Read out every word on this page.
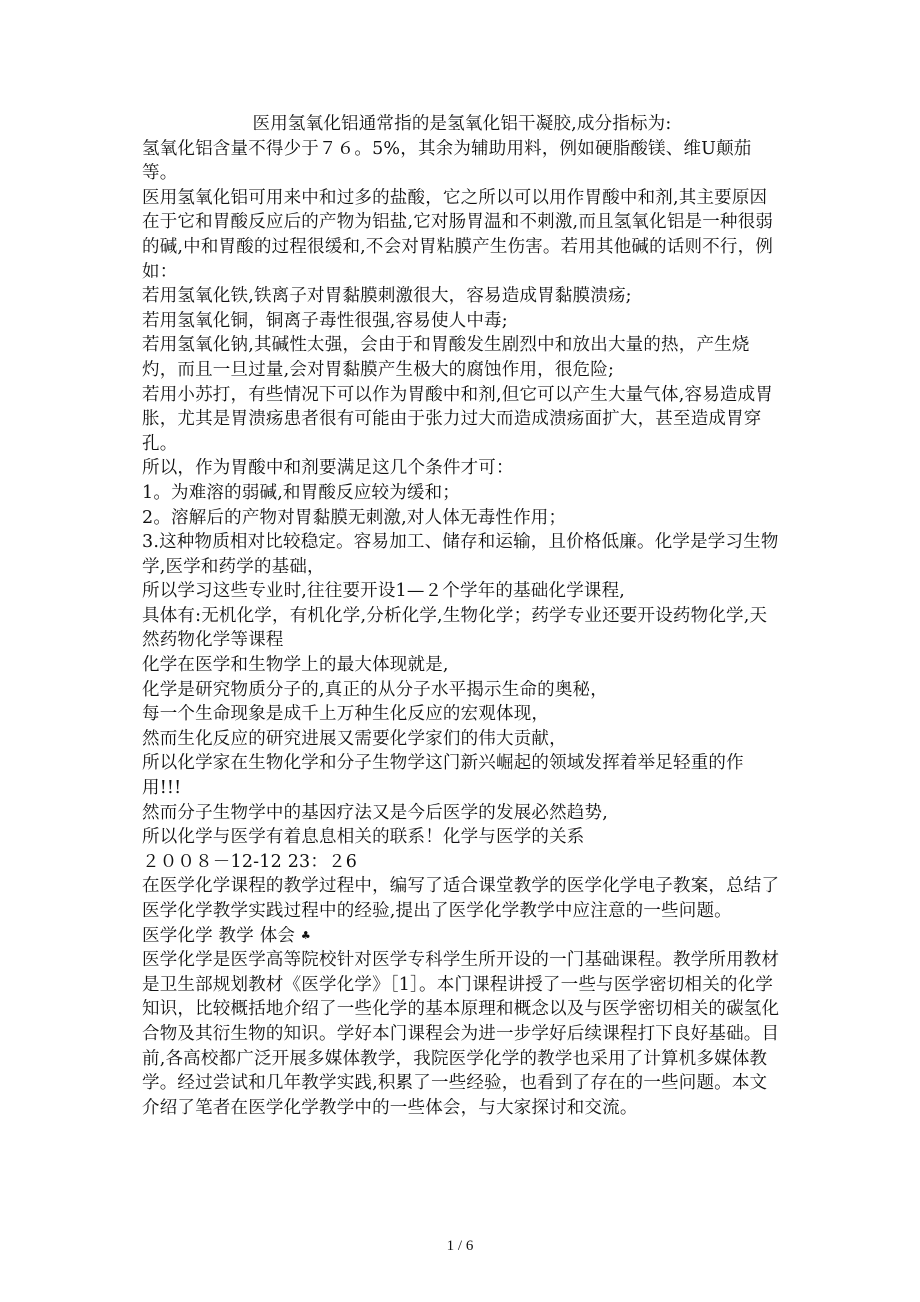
医用氢氧化铝通常指的是氢氧化铝干凝胶,成分指标为:

氢氧化铝含量不得少于７６。5%，其余为辅助用料，例如硬脂酸镁、维U颠茄等。

医用氢氧化铝可用来中和过多的盐酸，它之所以可以用作胃酸中和剂,其主要原因在于它和胃酸反应后的产物为铝盐,它对肠胃温和不刺激,而且氢氧化铝是一种很弱的碱,中和胃酸的过程很缓和,不会对胃粘膜产生伤害。若用其他碱的话则不行，例如：

若用氢氧化铁,铁离子对胃黏膜刺激很大，容易造成胃黏膜溃疡;

若用氢氧化铜，铜离子毒性很强,容易使人中毒;

若用氢氧化钠,其碱性太强，会由于和胃酸发生剧烈中和放出大量的热，产生烧灼，而且一旦过量,会对胃黏膜产生极大的腐蚀作用，很危险;

若用小苏打，有些情况下可以作为胃酸中和剂,但它可以产生大量气体,容易造成胃胀，尤其是胃溃疡患者很有可能由于张力过大而造成溃疡面扩大，甚至造成胃穿孔。

所以，作为胃酸中和剂要满足这几个条件才可：

1。为难溶的弱碱,和胃酸反应较为缓和；

2。溶解后的产物对胃黏膜无刺激,对人体无毒性作用；

3.这种物质相对比较稳定。容易加工、储存和运输，且价格低廉。化学是学习生物学,医学和药学的基础，

所以学习这些专业时,往往要开设1—２个学年的基础化学课程,

具体有:无机化学，有机化学,分析化学,生物化学；药学专业还要开设药物化学,天然药物化学等课程

化学在医学和生物学上的最大体现就是,

化学是研究物质分子的,真正的从分子水平揭示生命的奥秘，

每一个生命现象是成千上万种生化反应的宏观体现，

然而生化反应的研究进展又需要化学家们的伟大贡献，

所以化学家在生物化学和分子生物学这门新兴崛起的领域发挥着举足轻重的作用!!!

然而分子生物学中的基因疗法又是今后医学的发展必然趋势,

所以化学与医学有着息息相关的联系！化学与医学的关系

２００８－12-12 23：２6

在医学化学课程的教学过程中，编写了适合课堂教学的医学化学电子教案，总结了医学化学教学实践过程中的经验,提出了医学化学教学中应注意的一些问题。医学化学 教学 体会 ♣

医学化学是医学高等院校针对医学专科学生所开设的一门基础课程。教学所用教材是卫生部规划教材《医学化学》［1］。本门课程讲授了一些与医学密切相关的化学知识，比较概括地介绍了一些化学的基本原理和概念以及与医学密切相关的碳氢化合物及其衍生物的知识。学好本门课程会为进一步学好后续课程打下良好基础。目前,各高校都广泛开展多媒体教学，我院医学化学的教学也采用了计算机多媒体教学。经过尝试和几年教学实践,积累了一些经验，也看到了存在的一些问题。本文介绍了笔者在医学化学教学中的一些体会，与大家探讨和交流。

1 / 6
